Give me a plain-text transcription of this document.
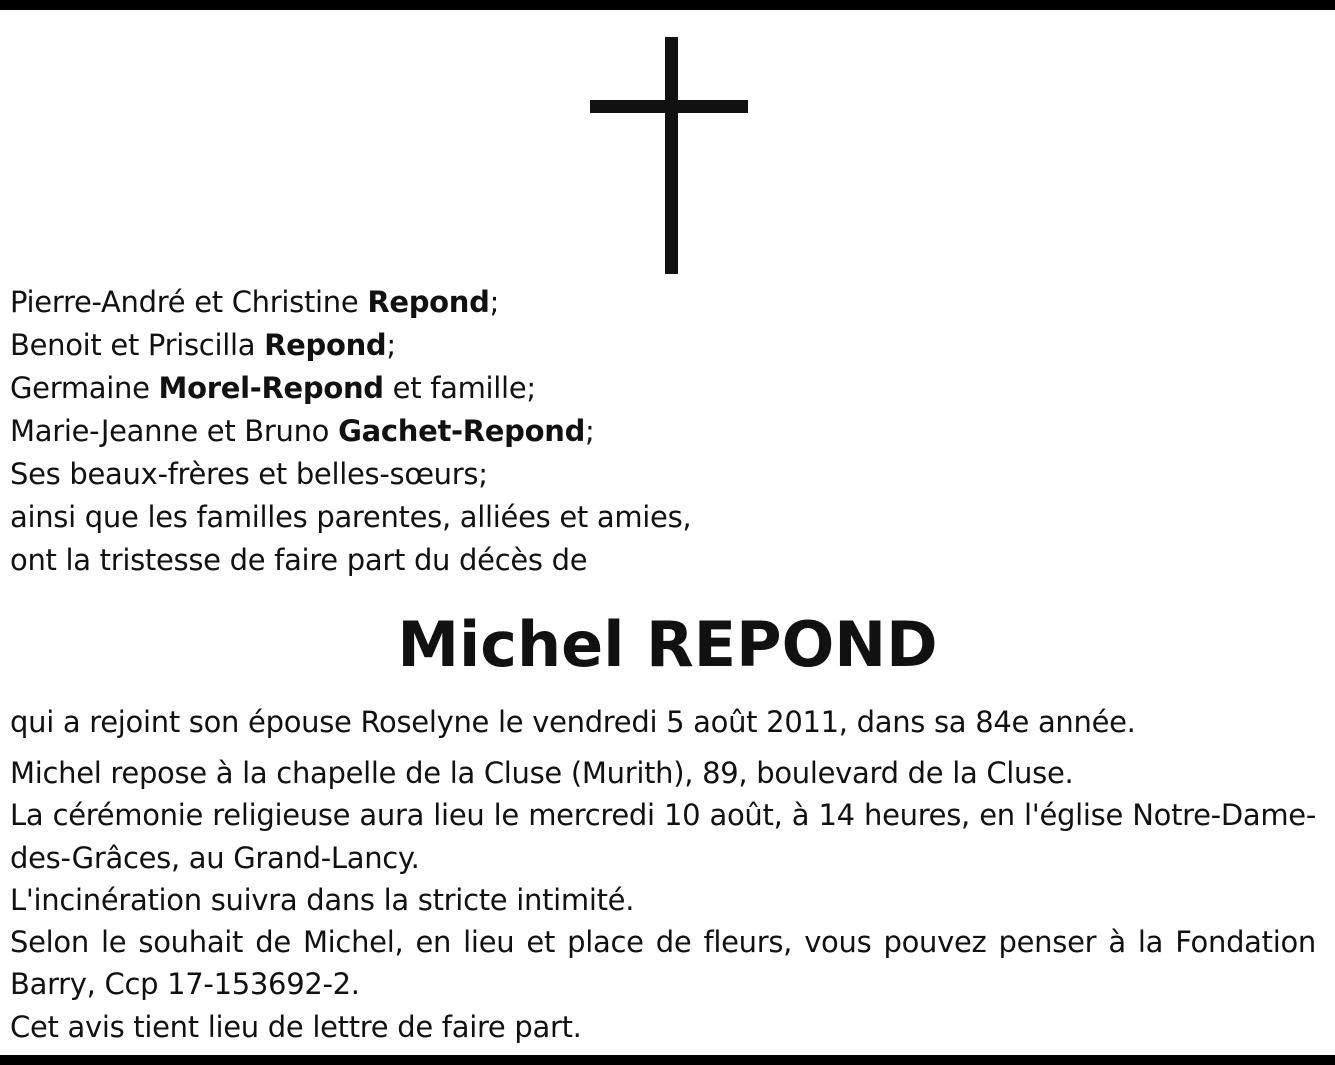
Pierre-André et Christine Repond;
Benoit et Priscilla Repond;
Germaine Morel-Repond et famille;
Marie-Jeanne et Bruno Gachet-Repond;
Ses beaux-frères et belles-sœurs;
ainsi que les familles parentes, alliées et amies,
ont la tristesse de faire part du décès de
Michel REPOND
qui a rejoint son épouse Roselyne le vendredi 5 août 2011, dans sa 84e année.

Michel repose à la chapelle de la Cluse (Murith), 89, boulevard de la Cluse.

La cérémonie religieuse aura lieu le mercredi 10 août, à 14 heures, en l'église Notre-Dame-des-Grâces, au Grand-Lancy.

L'incinération suivra dans la stricte intimité.

Selon le souhait de Michel, en lieu et place de fleurs, vous pouvez penser à la Fondation Barry, Ccp 17-153692-2.

Cet avis tient lieu de lettre de faire part.
